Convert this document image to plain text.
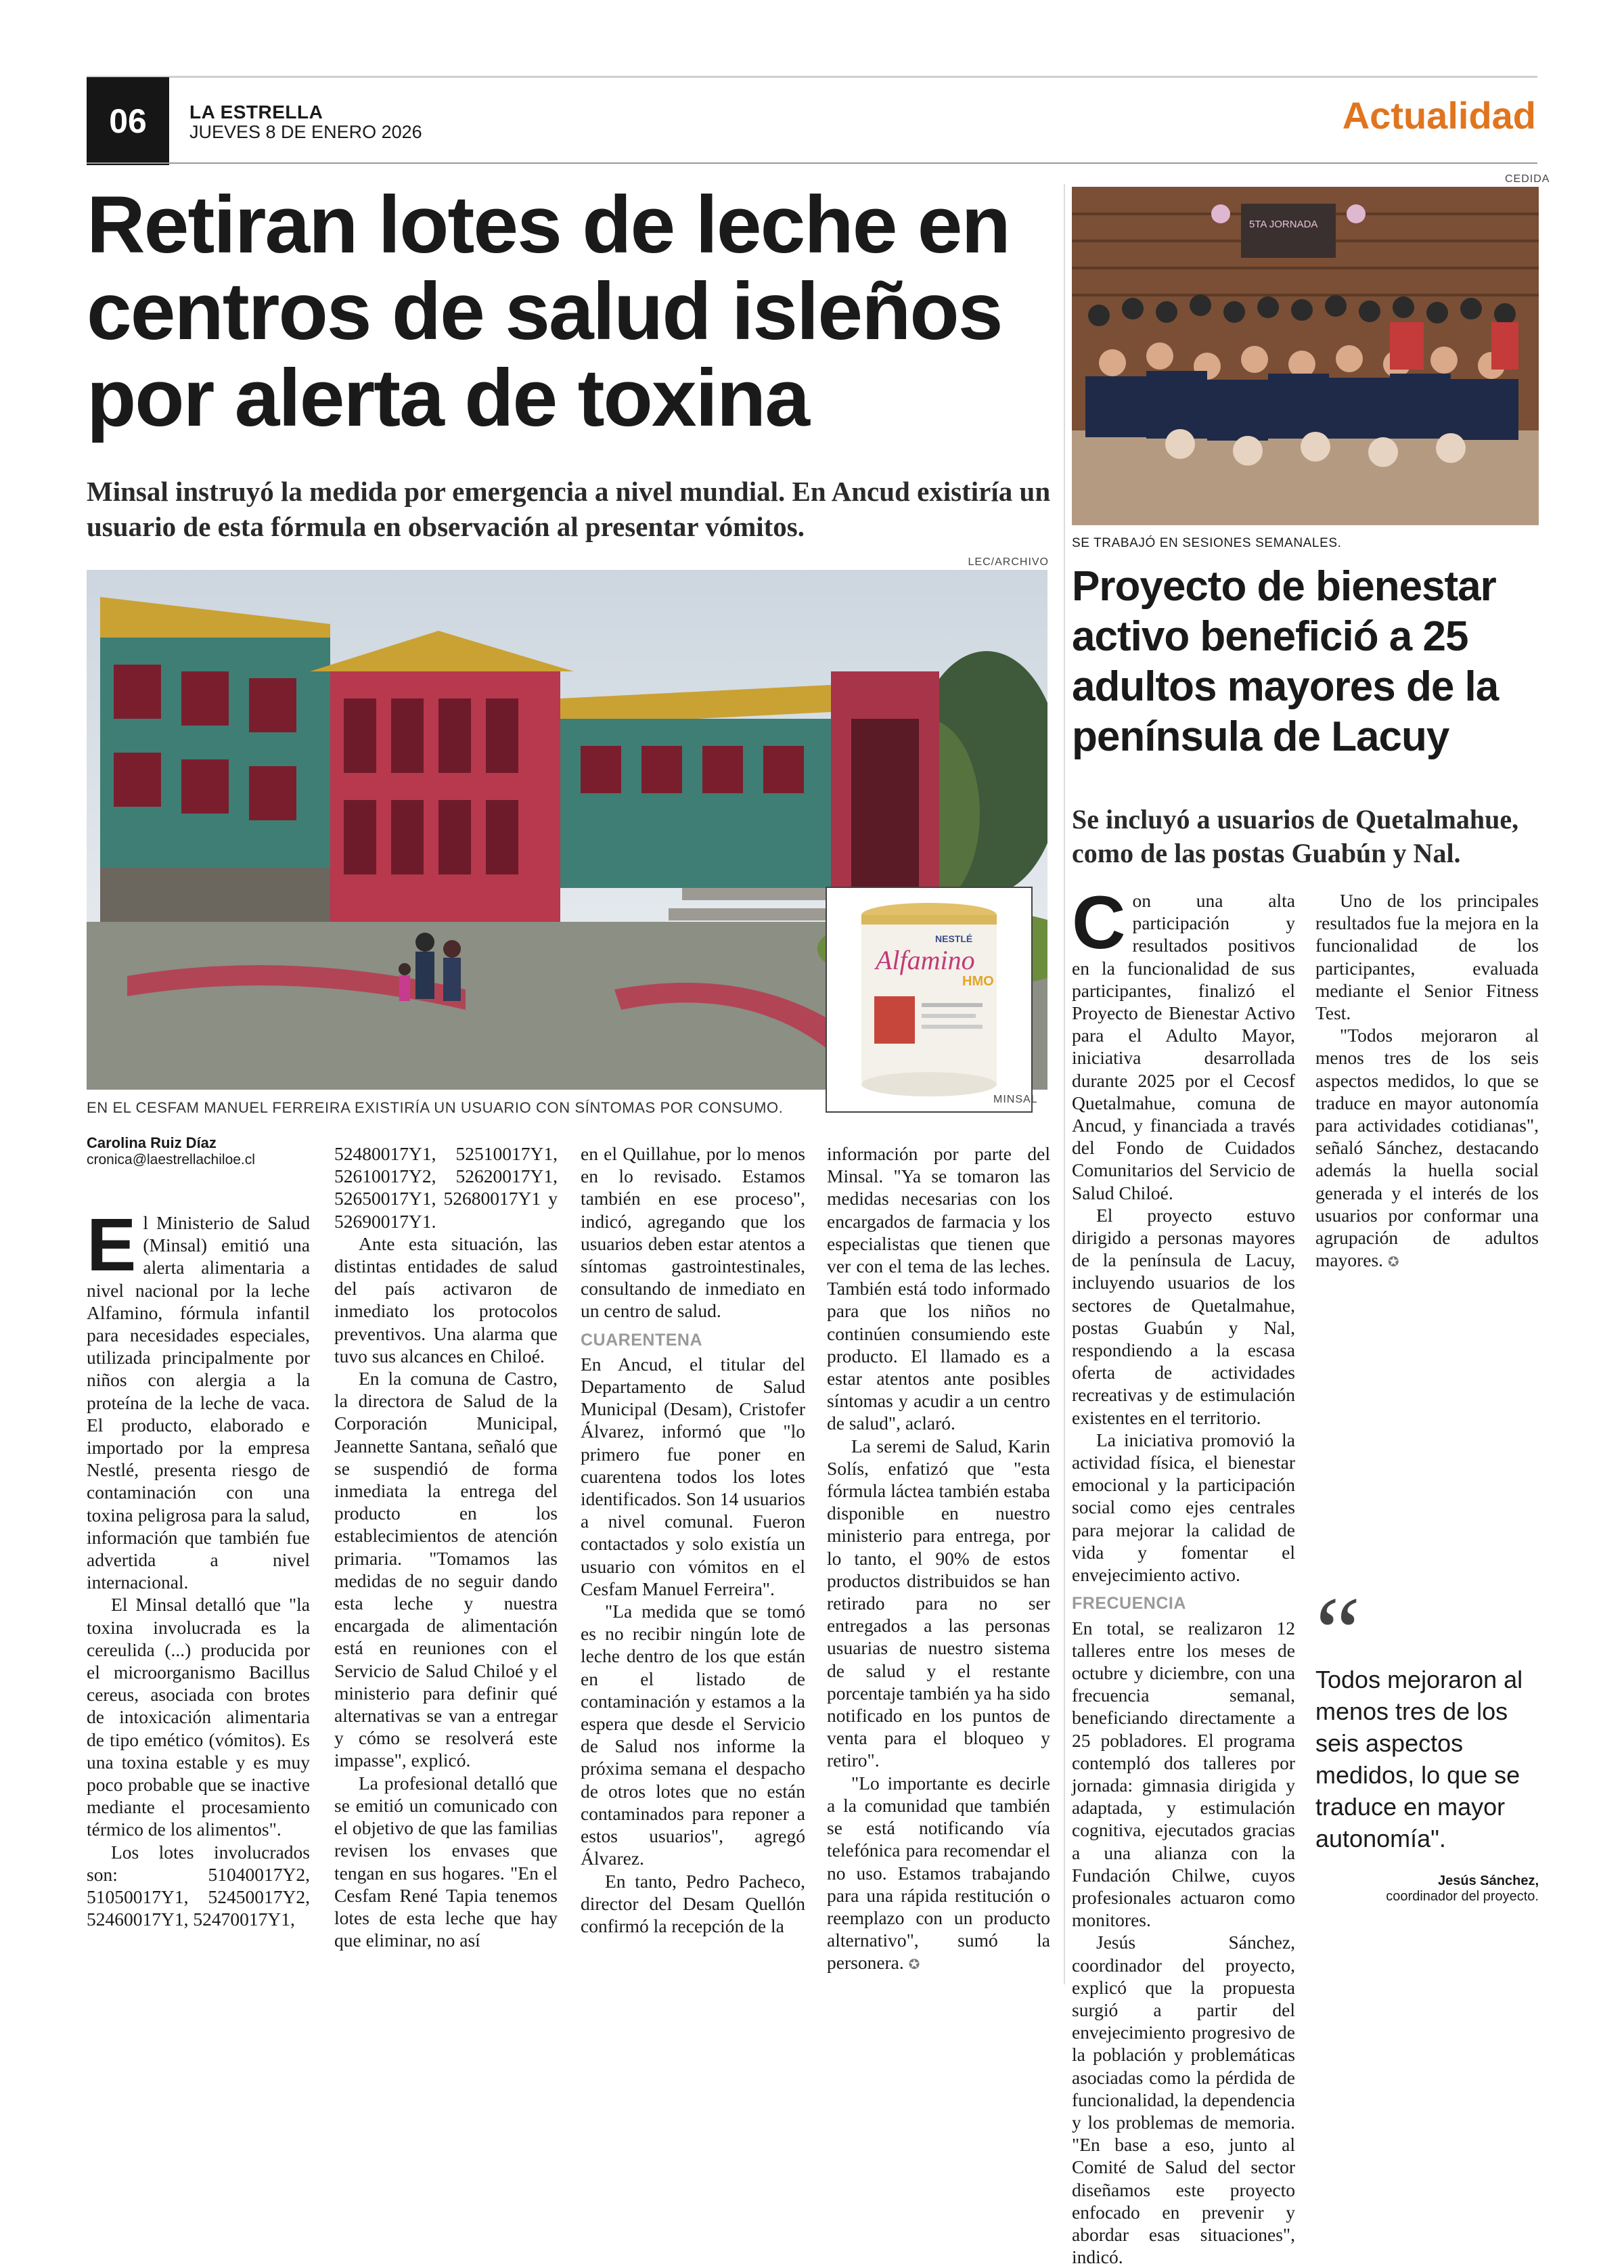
06	LA ESTRELLA
JUEVES 8 DE ENERO 2026	Actualidad
Retiran lotes de leche en centros de salud isleños por alerta de toxina
Minsal instruyó la medida por emergencia a nivel mundial. En Ancud existiría un usuario de esta fórmula en observación al presentar vómitos.
LEC/ARCHIVO
EN EL CESFAM MANUEL FERREIRA EXISTIRÍA UN USUARIO CON SÍNTOMAS POR CONSUMO.
NESTLÉ
Alfamino
HMO
MINSAL
Carolina Ruiz Díaz
cronica@laestrellachiloe.cl

El Ministerio de Salud (Minsal) emitió una alerta alimentaria a nivel nacional por la leche Alfamino, fórmula infantil para necesidades especiales, utilizada principalmente por niños con alergia a la proteína de la leche de vaca. El producto, elaborado e importado por la empresa Nestlé, presenta riesgo de contaminación con una toxina peligrosa para la salud, información que también fue advertida a nivel internacional.

El Minsal detalló que "la toxina involucrada es la cereulida (...) producida por el microorganismo Bacillus cereus, asociada con brotes de intoxicación alimentaria de tipo emético (vómitos). Es una toxina estable y es muy poco probable que se inactive mediante el procesamiento térmico de los alimentos".

Los lotes involucrados son: 51040017Y2, 51050017Y1, 52450017Y2, 52460017Y1, 52470017Y1,

52480017Y1, 52510017Y1, 52610017Y2, 52620017Y1, 52650017Y1, 52680017Y1 y 52690017Y1.

Ante esta situación, las distintas entidades de salud del país activaron de inmediato los protocolos preventivos. Una alarma que tuvo sus alcances en Chiloé.

En la comuna de Castro, la directora de Salud de la Corporación Municipal, Jeannette Santana, señaló que se suspendió de forma inmediata la entrega del producto en los establecimientos de atención primaria. "Tomamos las medidas de no seguir dando esta leche y nuestra encargada de alimentación está en reuniones con el Servicio de Salud Chiloé y el ministerio para definir qué alternativas se van a entregar y cómo se resolverá este impasse", explicó.

La profesional detalló que se emitió un comunicado con el objetivo de que las familias revisen los envases que tengan en sus hogares. "En el Cesfam René Tapia tenemos lotes de esta leche que hay que eliminar, no así

en el Quillahue, por lo menos en lo revisado. Estamos también en ese proceso", indicó, agregando que los usuarios deben estar atentos a síntomas gastrointestinales, consultando de inmediato en un centro de salud.

CUARENTENA

En Ancud, el titular del Departamento de Salud Municipal (Desam), Cristofer Álvarez, informó que "lo primero fue poner en cuarentena todos los lotes identificados. Son 14 usuarios a nivel comunal. Fueron contactados y solo existía un usuario con vómitos en el Cesfam Manuel Ferreira".

"La medida que se tomó es no recibir ningún lote de leche dentro de los que están en el listado de contaminación y estamos a la espera que desde el Servicio de Salud nos informe la próxima semana el despacho de otros lotes que no están contaminados para reponer a estos usuarios", agregó Álvarez.

En tanto, Pedro Pacheco, director del Desam Quellón confirmó la recepción de la

información por parte del Minsal. "Ya se tomaron las medidas necesarias con los encargados de farmacia y los especialistas que tienen que ver con el tema de las leches. También está todo informado para que los niños no continúen consumiendo este producto. El llamado es a estar atentos ante posibles síntomas y acudir a un centro de salud", aclaró.

La seremi de Salud, Karin Solís, enfatizó que "esta fórmula láctea también estaba disponible en nuestro ministerio para entrega, por lo tanto, el 90% de estos productos distribuidos se han retirado para no ser entregados a las personas usuarias de nuestro sistema de salud y el restante porcentaje también ya ha sido notificado en los puntos de venta para el bloqueo y retiro".

"Lo importante es decirle a la comunidad que también se está notificando vía telefónica para recomendar el no uso. Estamos trabajando para una rápida restitución o reemplazo con un producto alternativo", sumó la personera. ✪

CEDIDA
5TA JORNADA
SE TRABAJÓ EN SESIONES SEMANALES.
Proyecto de bienestar activo benefició a 25 adultos mayores de la península de Lacuy
Se incluyó a usuarios de Quetalmahue, como de las postas Guabún y Nal.

Con una alta participación y resultados positivos en la funcionalidad de sus participantes, finalizó el Proyecto de Bienestar Activo para el Adulto Mayor, iniciativa desarrollada durante 2025 por el Cecosf Quetalmahue, comuna de Ancud, y financiada a través del Fondo de Cuidados Comunitarios del Servicio de Salud Chiloé.

El proyecto estuvo dirigido a personas mayores de la península de Lacuy, incluyendo usuarios de los sectores de Quetalmahue, postas Guabún y Nal, respondiendo a la escasa oferta de actividades recreativas y de estimulación existentes en el territorio.

La iniciativa promovió la actividad física, el bienestar emocional y la participación social como ejes centrales para mejorar la calidad de vida y fomentar el envejecimiento activo.

FRECUENCIA

En total, se realizaron 12 talleres entre los meses de octubre y diciembre, con una frecuencia semanal, beneficiando directamente a 25 pobladores. El programa contempló dos talleres por jornada: gimnasia dirigida y adaptada, y estimulación cognitiva, ejecutados gracias a una alianza con la Fundación Chilwe, cuyos profesionales actuaron como monitores.

Jesús Sánchez, coordinador del proyecto, explicó que la propuesta surgió a partir del envejecimiento progresivo de la población y problemáticas asociadas como la pérdida de funcionalidad, la dependencia y los problemas de memoria. "En base a eso, junto al Comité de Salud del sector diseñamos este proyecto enfocado en prevenir y abordar esas situaciones", indicó.

Uno de los principales resultados fue la mejora en la funcionalidad de los participantes, evaluada mediante el Senior Fitness Test.

"Todos mejoraron al menos tres de los seis aspectos medidos, lo que se traduce en mayor autonomía para actividades cotidianas", señaló Sánchez, destacando además la huella social generada y el interés de los usuarios por conformar una agrupación de adultos mayores. ✪

“
Todos mejoraron al menos tres de los seis aspectos medidos, lo que se traduce en mayor autonomía".
Jesús Sánchez,
coordinador del proyecto.
